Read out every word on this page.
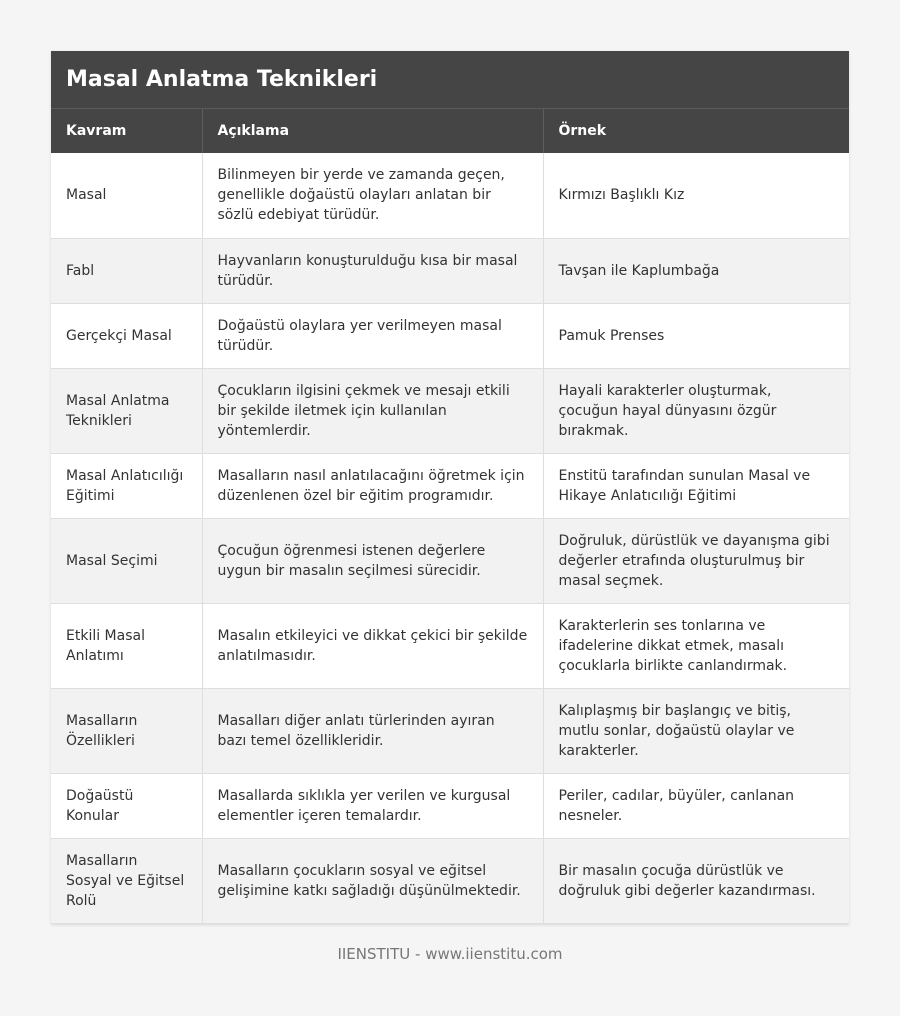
Masal Anlatma Teknikleri
Kavram	Açıklama	Örnek
Masal	Bilinmeyen bir yerde ve zamanda geçen, genellikle doğaüstü olayları anlatan bir sözlü edebiyat türüdür.	Kırmızı Başlıklı Kız
Fabl	Hayvanların konuşturulduğu kısa bir masal türüdür.	Tavşan ile Kaplumbağa
Gerçekçi Masal	Doğaüstü olaylara yer verilmeyen masal türüdür.	Pamuk Prenses
Masal Anlatma Teknikleri	Çocukların ilgisini çekmek ve mesajı etkili bir şekilde iletmek için kullanılan yöntemlerdir.	Hayali karakterler oluşturmak, çocuğun hayal dünyasını özgür bırakmak.
Masal Anlatıcılığı Eğitimi	Masalların nasıl anlatılacağını öğretmek için düzenlenen özel bir eğitim programıdır.	Enstitü tarafından sunulan Masal ve Hikaye Anlatıcılığı Eğitimi
Masal Seçimi	Çocuğun öğrenmesi istenen değerlere uygun bir masalın seçilmesi sürecidir.	Doğruluk, dürüstlük ve dayanışma gibi değerler etrafında oluşturulmuş bir masal seçmek.
Etkili Masal Anlatımı	Masalın etkileyici ve dikkat çekici bir şekilde anlatılmasıdır.	Karakterlerin ses tonlarına ve ifadelerine dikkat etmek, masalı çocuklarla birlikte canlandırmak.
Masalların Özellikleri	Masalları diğer anlatı türlerinden ayıran bazı temel özellikleridir.	Kalıplaşmış bir başlangıç ve bitiş, mutlu sonlar, doğaüstü olaylar ve karakterler.
Doğaüstü Konular	Masallarda sıklıkla yer verilen ve kurgusal elementler içeren temalardır.	Periler, cadılar, büyüler, canlanan nesneler.
Masalların Sosyal ve Eğitsel Rolü	Masalların çocukların sosyal ve eğitsel gelişimine katkı sağladığı düşünülmektedir.	Bir masalın çocuğa dürüstlük ve doğruluk gibi değerler kazandırması.
IIENSTITU - www.iienstitu.com
